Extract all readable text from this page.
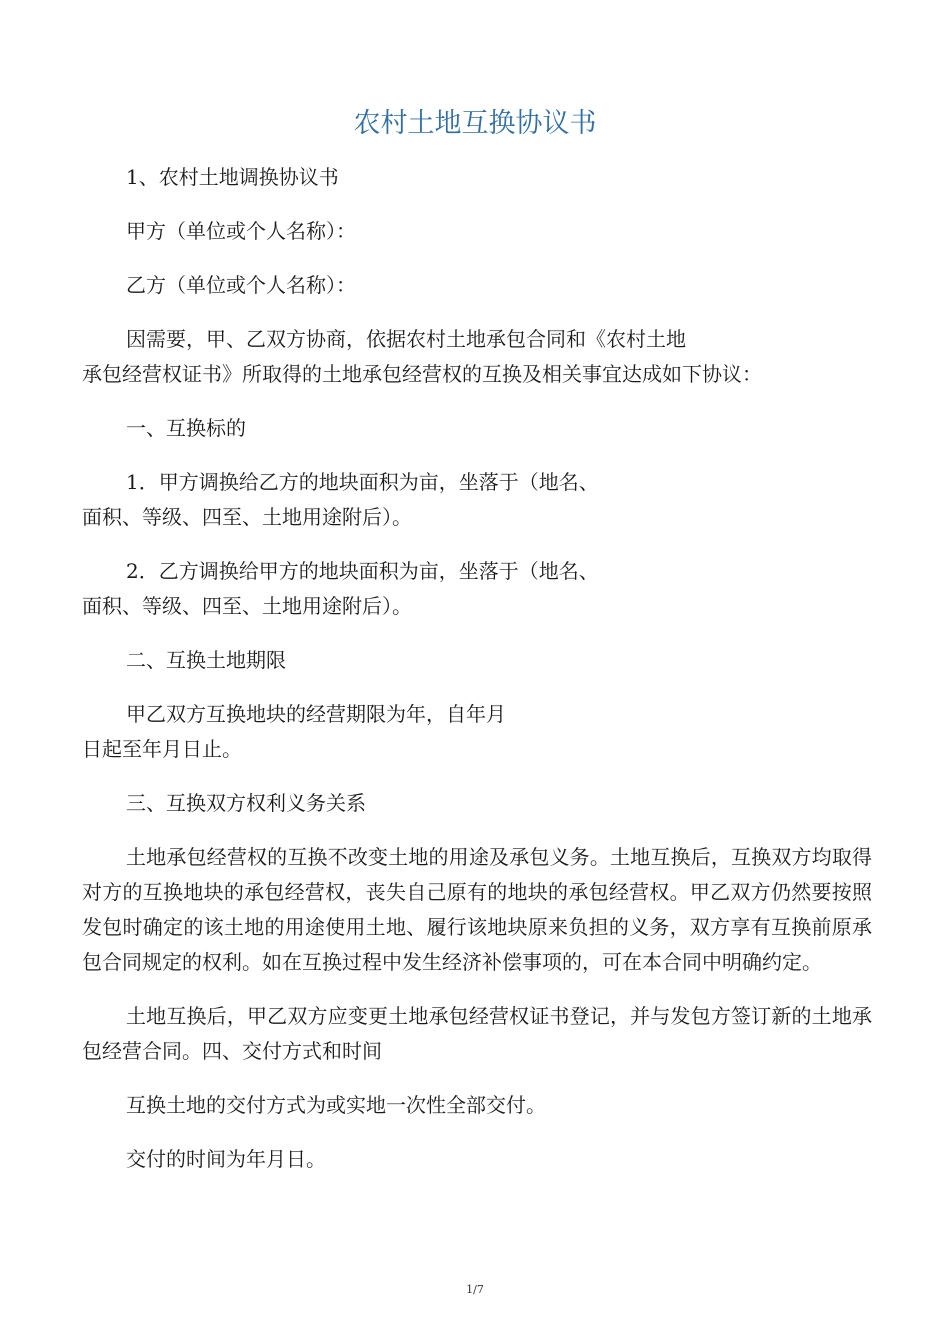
农村土地互换协议书

1、农村土地调换协议书

甲方（单位或个人名称）：

乙方（单位或个人名称）：

因需要，甲、乙双方协商，依据农村土地承包合同和《农村土地
承包经营权证书》所取得的土地承包经营权的互换及相关事宜达成如下协议：

一、互换标的

1．甲方调换给乙方的地块面积为亩，坐落于（地名、
面积、等级、四至、土地用途附后）。

2．乙方调换给甲方的地块面积为亩，坐落于（地名、
面积、等级、四至、土地用途附后）。

二、互换土地期限

甲乙双方互换地块的经营期限为年，自年月
日起至年月日止。

三、互换双方权利义务关系

土地承包经营权的互换不改变土地的用途及承包义务。土地互换后，互换双方均取得对方的互换地块的承包经营权，丧失自己原有的地块的承包经营权。甲乙双方仍然要按照发包时确定的该土地的用途使用土地、履行该地块原来负担的义务，双方享有互换前原承包合同规定的权利。如在互换过程中发生经济补偿事项的，可在本合同中明确约定。

土地互换后，甲乙双方应变更土地承包经营权证书登记，并与发包方签订新的土地承包经营合同。四、交付方式和时间

互换土地的交付方式为或实地一次性全部交付。

交付的时间为年月日。

1/7
